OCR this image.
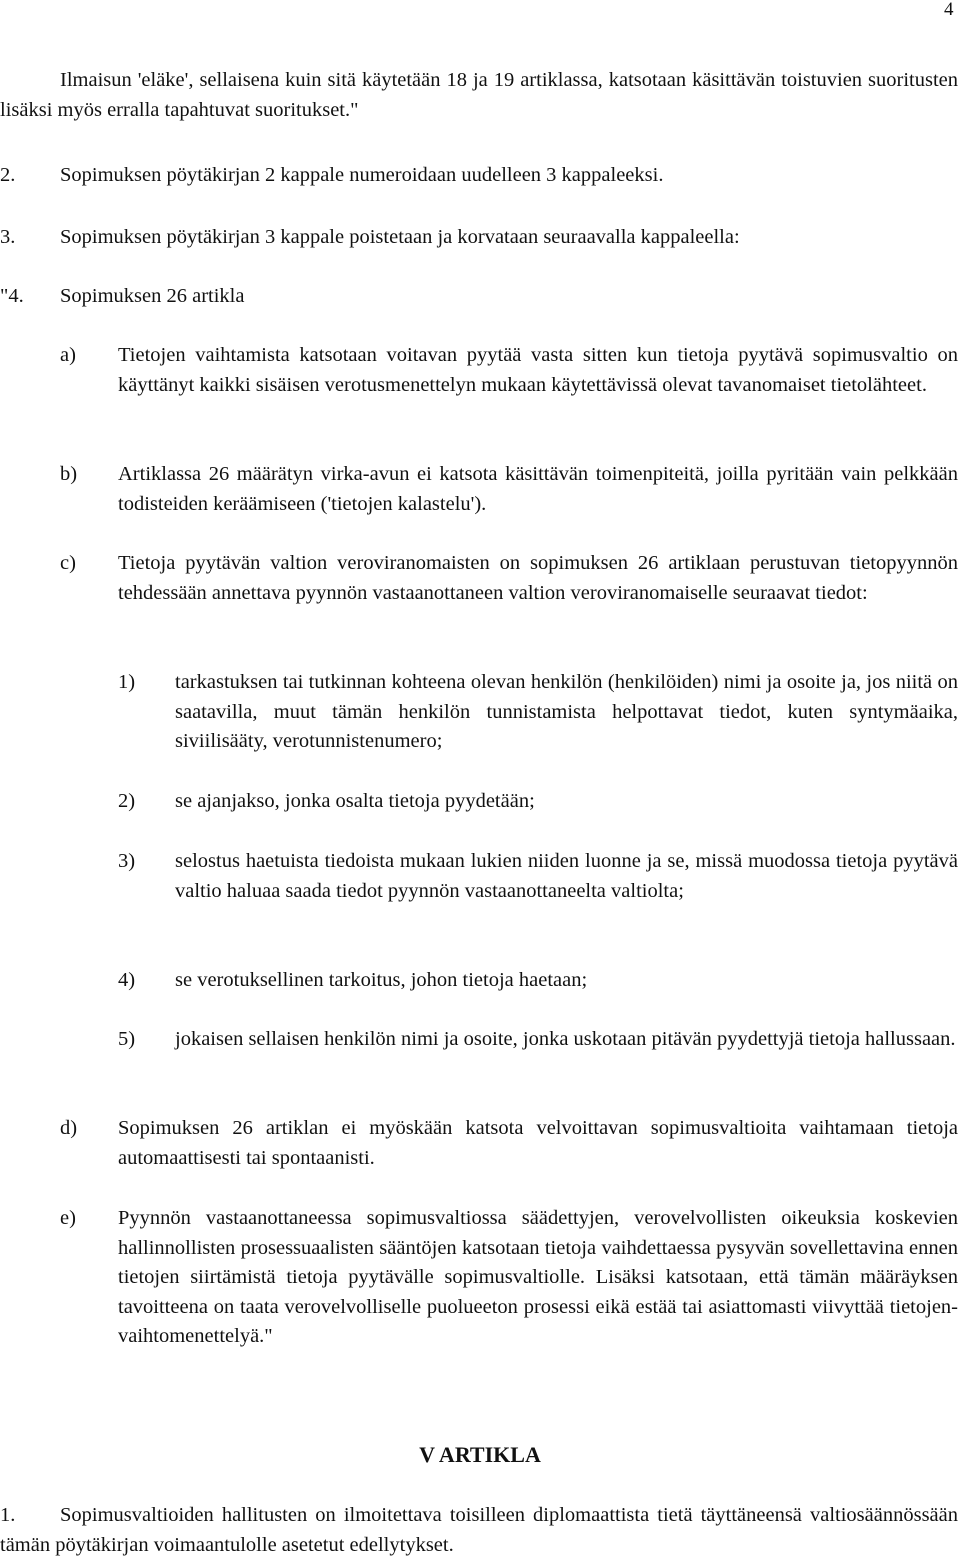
4
Ilmaisun 'eläke', sellaisena kuin sitä käytetään 18 ja 19 artiklassa, katsotaan käsittävän toistuvien suoritusten lisäksi myös erralla tapahtuvat suoritukset."
2. Sopimuksen pöytäkirjan 2 kappale numeroidaan uudelleen 3 kappaleeksi.
3. Sopimuksen pöytäkirjan 3 kappale poistetaan ja korvataan seuraavalla kappaleella:
"4. Sopimuksen 26 artikla
a) Tietojen vaihtamista katsotaan voitavan pyytää vasta sitten kun tietoja pyytävä sopimusvaltio on käyttänyt kaikki sisäisen verotusmenettelyn mukaan käytettävissä olevat tavanomaiset tietolähteet.
b) Artiklassa 26 määrätyn virka-avun ei katsota käsittävän toimenpiteitä, joilla pyritään vain pelkkään todisteiden keräämiseen ('tietojen kalastelu').
c) Tietoja pyytävän valtion veroviranomaisten on sopimuksen 26 artiklaan perustuvan tietopyynnön tehdessään annettava pyynnön vastaanottaneen valtion veroviranomaiselle seuraavat tiedot:
1) tarkastuksen tai tutkinnan kohteena olevan henkilön (henkilöiden) nimi ja osoite ja, jos niitä on saatavilla, muut tämän henkilön tunnistamista helpottavat tiedot, kuten syntymäaika, siviilisääty, verotunnistenumero;
2) se ajanjakso, jonka osalta tietoja pyydetään;
3) selostus haetuista tiedoista mukaan lukien niiden luonne ja se, missä muodossa tietoja pyytävä valtio haluaa saada tiedot pyynnön vastaanottaneelta valtiolta;
4) se verotuksellinen tarkoitus, johon tietoja haetaan;
5) jokaisen sellaisen henkilön nimi ja osoite, jonka uskotaan pitävän pyydettyjä tietoja hallussaan.
d) Sopimuksen 26 artiklan ei myöskään katsota velvoittavan sopimusvaltioita vaihtamaan tietoja automaattisesti tai spontaanisti.
e) Pyynnön vastaanottaneessa sopimusvaltiossa säädettyjen, verovelvollisten oikeuksia koskevien hallinnollisten prosessuaalisten sääntöjen katsotaan tietoja vaihdettaessa pysyvän sovellettavina ennen tietojen siirtämistä tietoja pyytävälle sopimusvaltiolle. Lisäksi katsotaan, että tämän määräyksen tavoitteena on taata verovelvolliselle puolueeton prosessi eikä estää tai asiattomasti viivyttää tietojenvaihtomenettelyä."
V ARTIKLA
1.	Sopimusvaltioiden hallitusten on ilmoitettava toisilleen diplomaattista tietä täyttäneensä valtiosäännössään tämän pöytäkirjan voimaantulolle asetetut edellytykset.
